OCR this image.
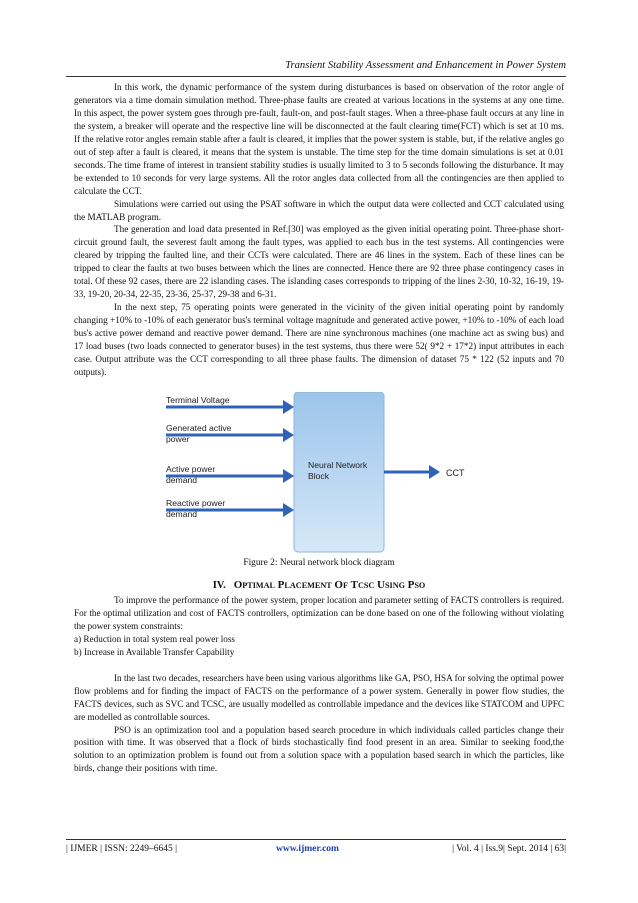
Transient Stability Assessment and Enhancement in Power System

In this work, the dynamic performance of the system during disturbances is based on observation of the rotor angle of generators via a time domain simulation method. Three-phase faults are created at various locations in the systems at any one time. In this aspect, the power system goes through pre-fault, fault-on, and post-fault stages. When a three-phase fault occurs at any line in the system, a breaker will operate and the respective line will be disconnected at the fault clearing time(FCT) which is set at 10 ms. If the relative rotor angles remain stable after a fault is cleared, it implies that the power system is stable, but, if the relative angles go out of step after a fault is cleared, it means that the system is unstable. The time step for the time domain simulations is set at 0.01 seconds. The time frame of interest in transient stability studies is usually limited to 3 to 5 seconds following the disturbance. It may be extended to 10 seconds for very large systems. All the rotor angles data collected from all the contingencies are then applied to calculate the CCT.

Simulations were carried out using the PSAT software in which the output data were collected and CCT calculated using the MATLAB program.

The generation and load data presented in Ref.[30] was employed as the given initial operating point. Three-phase short-circuit ground fault, the severest fault among the fault types, was applied to each bus in the test systems. All contingencies were cleared by tripping the faulted line, and their CCTs were calculated. There are 46 lines in the system. Each of these lines can be tripped to clear the faults at two buses between which the lines are connected. Hence there are 92 three phase contingency cases in total. Of these 92 cases, there are 22 islanding cases. The islanding cases corresponds to tripping of the lines 2-30, 10-32, 16-19, 19-33, 19-20, 20-34, 22-35, 23-36, 25-37, 29-38 and 6-31.

In the next step, 75 operating points were generated in the vicinity of the given initial operating point by randomly changing +10% to -10% of each generator bus's terminal voltage magnitude and generated active power, +10% to -10% of each load bus's active power demand and reactive power demand. There are nine synchronous machines (one machine act as swing bus) and 17 load buses (two loads connected to generator buses) in the test systems, thus there were 52( 9*2 + 17*2) input attributes in each case. Output attribute was the CCT corresponding to all three phase faults. The dimension of dataset 75 * 122 (52 inputs and 70 outputs).

Terminal Voltage
Generated active power
Active power demand
Reactive power demand
Neural Network Block	CCT
Figure 2: Neural network block diagram
IV. OPTIMAL PLACEMENT OF TCSC USING PSO

To improve the performance of the power system, proper location and parameter setting of FACTS controllers is required. For the optimal utilization and cost of FACTS controllers, optimization can be done based on one of the following without violating the power system constraints:

a) Reduction in total system real power loss

b) Increase in Available Transfer Capability

In the last two decades, researchers have been using various algorithms like GA, PSO, HSA for solving the optimal power flow problems and for finding the impact of FACTS on the performance of a power system. Generally in power flow studies, the FACTS devices, such as SVC and TCSC, are usually modelled as controllable impedance and the devices like STATCOM and UPFC are modelled as controllable sources.

PSO is an optimization tool and a population based search procedure in which individuals called particles change their position with time. It was observed that a flock of birds stochastically find food present in an area. Similar to seeking food,the solution to an optimization problem is found out from a solution space with a population based search in which the particles, like birds, change their positions with time.

| IJMER | ISSN: 2249–6645 |	www.ijmer.com	| Vol. 4 | Iss.9| Sept. 2014 | 63|
